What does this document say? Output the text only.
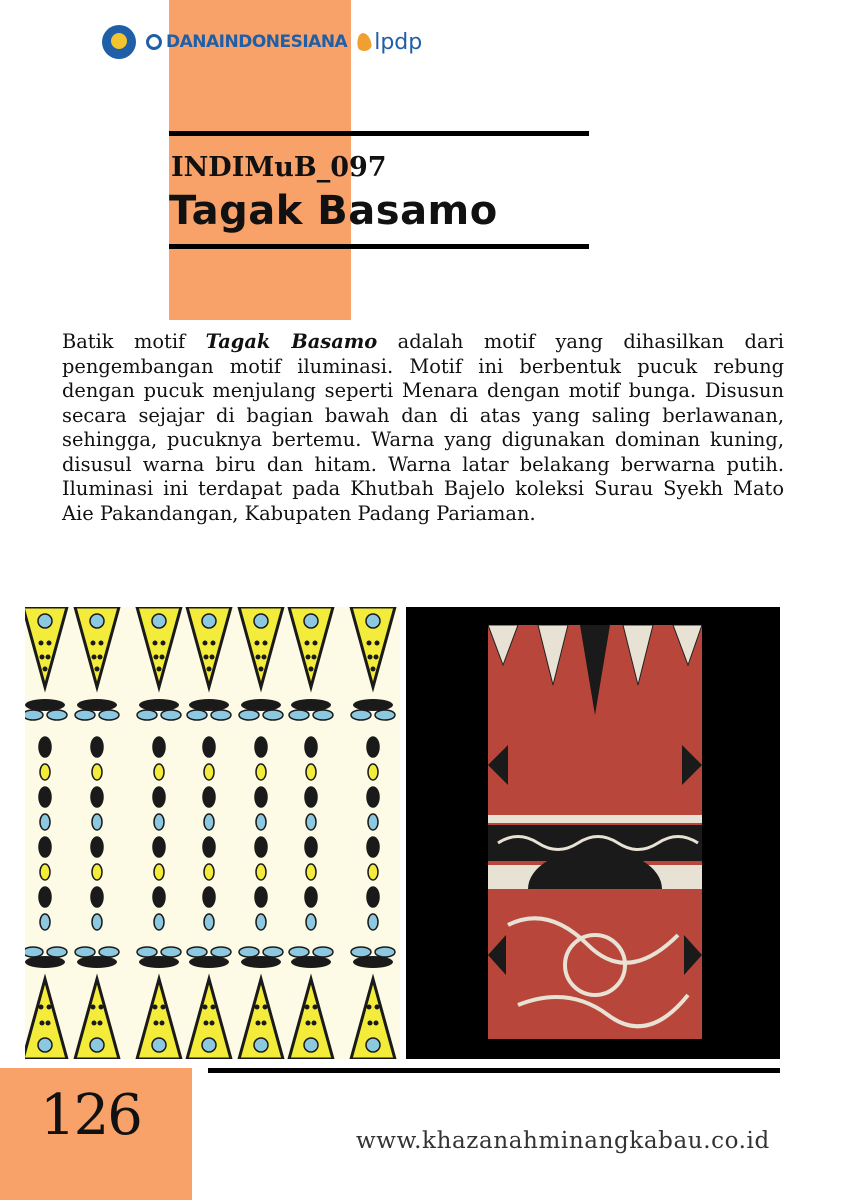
DANAINDONESIANA lpdp
INDIMuB_097
Tagak Basamo
Batik motif Tagak Basamo adalah motif yang dihasilkan dari pengembangan motif iluminasi. Motif ini berbentuk pucuk rebung dengan pucuk menjulang seperti Menara dengan motif bunga. Disusun secara sejajar di bagian bawah dan di atas yang saling berlawanan, sehingga, pucuknya bertemu. Warna yang digunakan dominan kuning, disusul warna biru dan hitam. Warna latar belakang berwarna putih. Iluminasi ini terdapat pada Khutbah Bajelo koleksi Surau Syekh Mato Aie Pakandangan, Kabupaten Padang Pariaman.
126	www.khazanahminangkabau.co.id
